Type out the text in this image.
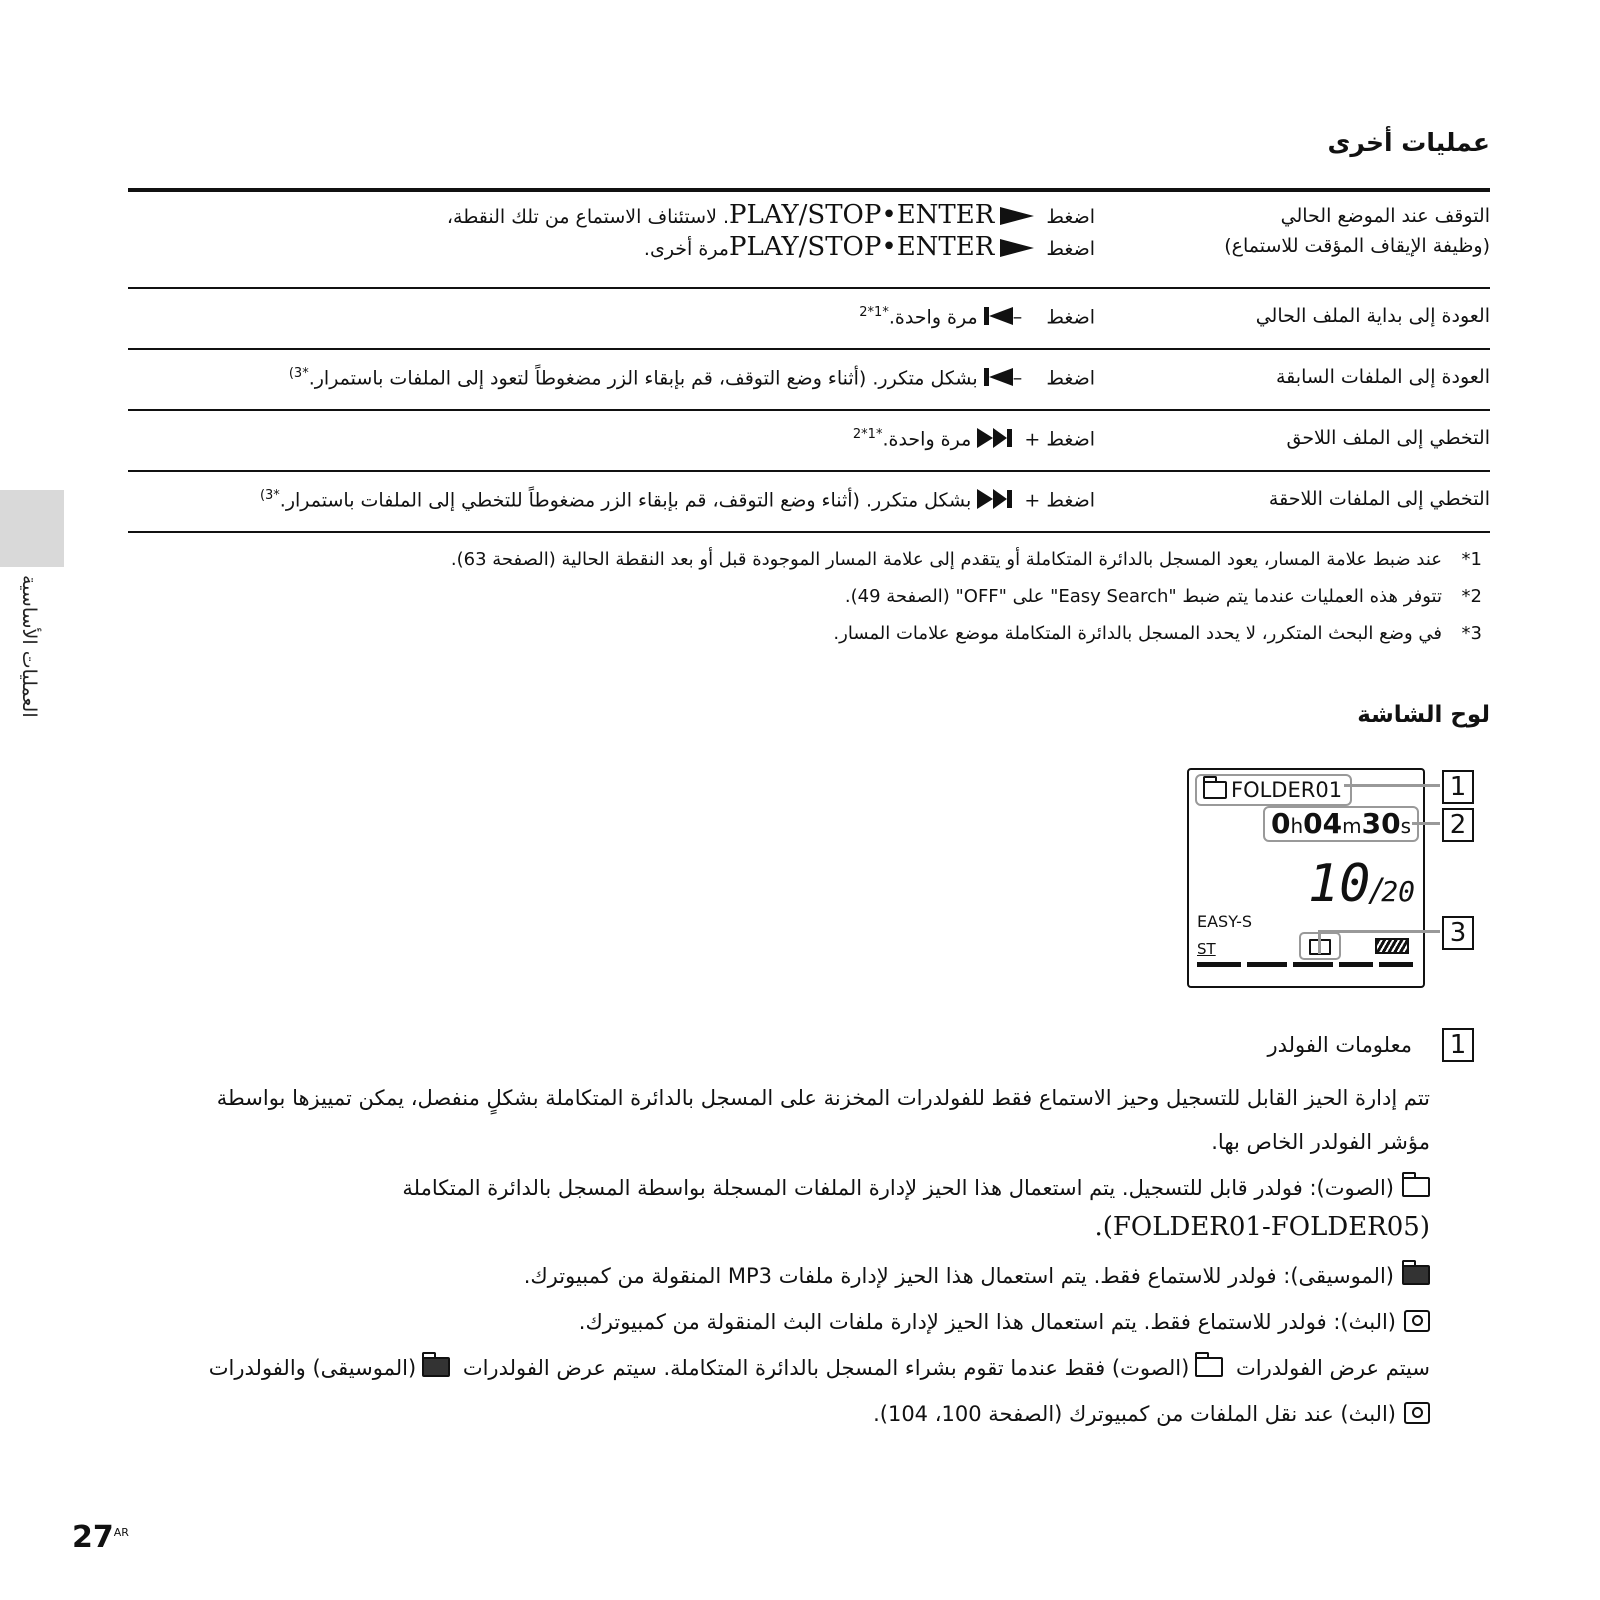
عمليات أخرى
التوقف عند الموضع الحالي
(وظيفة الإيقاف المؤقت للاستماع)
اضغط PLAY/STOP•ENTER. لاستئناف الاستماع من تلك النقطة،
اضغط PLAY/STOP•ENTERمرة أخرى.
العودة إلى بداية الملف الحالي
اضغط    – مرة واحدة.$^{*1*2}$
العودة إلى الملفات السابقة
اضغط    – بشكل متكرر. (أثناء وضع التوقف، قم بإبقاء الزر مضغوطاً لتعود إلى الملفات باستمرار.$^{*3)}$
التخطي إلى الملف اللاحق
اضغط +   مرة واحدة.$^{*1*2}$
التخطي إلى الملفات اللاحقة
اضغط +   بشكل متكرر. (أثناء وضع التوقف، قم بإبقاء الزر مضغوطاً للتخطي إلى الملفات باستمرار.$^{*3)}$
عند ضبط علامة المسار، يعود المسجل بالدائرة المتكاملة أو يتقدم إلى علامة المسار الموجودة قبل أو بعد النقطة الحالية (الصفحة 63). *1
تتوفر هذه العمليات عندما يتم ضبط "Easy Search" على "OFF" (الصفحة 49). *2
في وضع البحث المتكرر، لا يحدد المسجل بالدائرة المتكاملة موضع علامات المسار. *3
لوح الشاشة
FOLDER01
0h04m30s
10/20
EASY-S
ST
1
2
3
1
معلومات الفولدر
تتم إدارة الحيز القابل للتسجيل وحيز الاستماع فقط للفولدرات المخزنة على المسجل بالدائرة المتكاملة بشكلٍ منفصل، يمكن تمييزها بواسطة
مؤشر الفولدر الخاص بها.
(الصوت): فولدر قابل للتسجيل. يتم استعمال هذا الحيز لإدارة الملفات المسجلة بواسطة المسجل بالدائرة المتكاملة
.(FOLDER01-FOLDER05)
(الموسيقى): فولدر للاستماع فقط. يتم استعمال هذا الحيز لإدارة ملفات MP3 المنقولة من كمبيوترك.
(البث): فولدر للاستماع فقط. يتم استعمال هذا الحيز لإدارة ملفات البث المنقولة من كمبيوترك.
سيتم عرض الفولدرات (الصوت) فقط عندما تقوم بشراء المسجل بالدائرة المتكاملة. سيتم عرض الفولدرات (الموسيقى) والفولدرات
(البث) عند نقل الملفات من كمبيوترك (الصفحة 100، 104).
العمليات الأساسية
$27^{AR}$
